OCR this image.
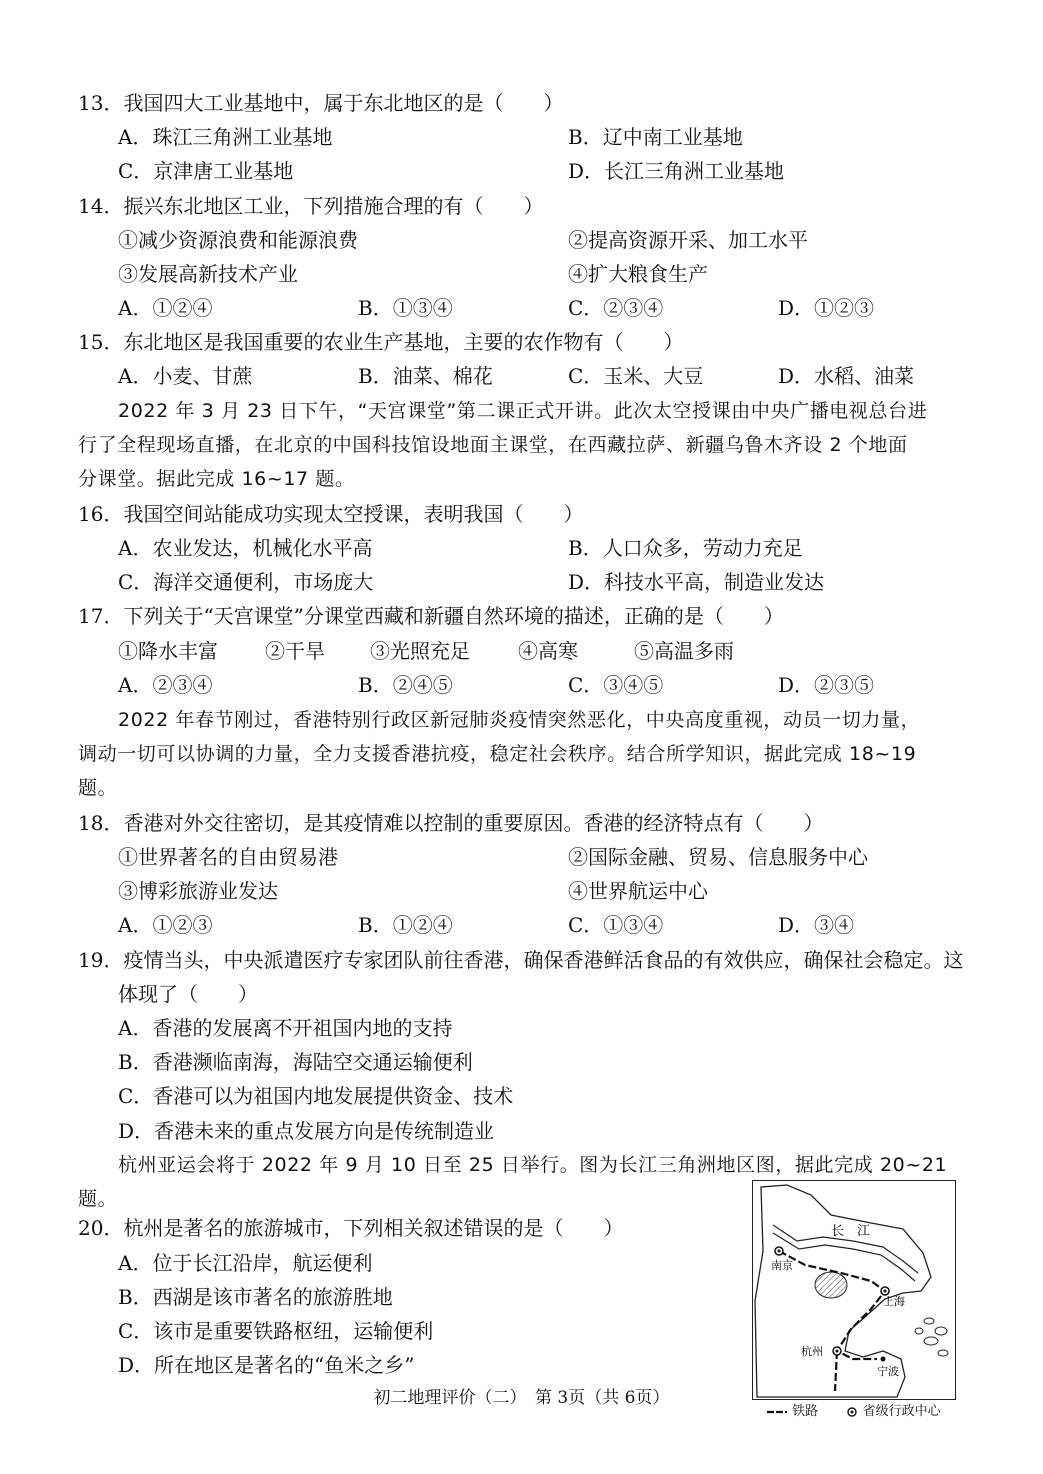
13．我国四大工业基地中，属于东北地区的是（　　）
A．珠江三角洲工业基地	B．辽中南工业基地
C．京津唐工业基地	D．长江三角洲工业基地
14．振兴东北地区工业，下列措施合理的有（　　）
①减少资源浪费和能源浪费	②提高资源开采、加工水平
③发展高新技术产业	④扩大粮食生产
A．①②④	B．①③④	C．②③④	D．①②③
15．东北地区是我国重要的农业生产基地，主要的农作物有（　　）
A．小麦、甘蔗	B．油菜、棉花	C．玉米、大豆	D．水稻、油菜
2022 年 3 月 23 日下午，“天宫课堂”第二课正式开讲。此次太空授课由中央广播电视总台进
行了全程现场直播，在北京的中国科技馆设地面主课堂，在西藏拉萨、新疆乌鲁木齐设 2 个地面
分课堂。据此完成 16~17 题。
16．我国空间站能成功实现太空授课，表明我国（　　）
A．农业发达，机械化水平高	B．人口众多，劳动力充足
C．海洋交通便利，市场庞大	D．科技水平高，制造业发达
17．下列关于“天宫课堂”分课堂西藏和新疆自然环境的描述，正确的是（　　）
①降水丰富 ②干旱 ③光照充足 ④高寒	⑤高温多雨
A．②③④	B．②④⑤	C．③④⑤	D．②③⑤
2022 年春节刚过，香港特别行政区新冠肺炎疫情突然恶化，中央高度重视，动员一切力量，
调动一切可以协调的力量，全力支援香港抗疫，稳定社会秩序。结合所学知识，据此完成 18~19
题。
18．香港对外交往密切，是其疫情难以控制的重要原因。香港的经济特点有（　　）
①世界著名的自由贸易港	②国际金融、贸易、信息服务中心
③博彩旅游业发达	④世界航运中心
A．①②③	B．①②④	C．①③④	D．③④
19．疫情当头，中央派遣医疗专家团队前往香港，确保香港鲜活食品的有效供应，确保社会稳定。这
体现了（　　）
A．香港的发展离不开祖国内地的支持
B．香港濒临南海，海陆空交通运输便利
C．香港可以为祖国内地发展提供资金、技术
D．香港未来的重点发展方向是传统制造业
杭州亚运会将于 2022 年 9 月 10 日至 25 日举行。图为长江三角洲地区图，据此完成 20~21
题。
20．杭州是著名的旅游城市，下列相关叙述错误的是（　　）
A．位于长江沿岸，航运便利
B．西湖是该市著名的旅游胜地
C．该市是重要铁路枢纽，运输便利
D．所在地区是著名的“鱼米之乡”
长　江
南京
上海
杭州
宁波
铁路	省级行政中心
初二地理评价（二）　第 3页（共 6页）
